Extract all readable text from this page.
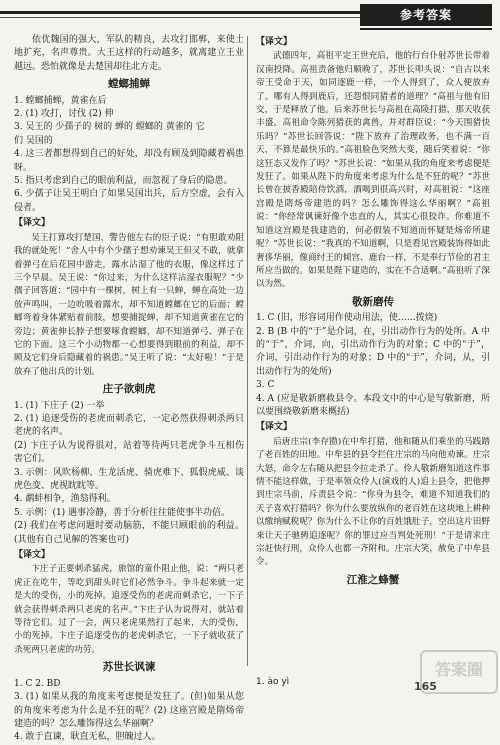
参考答案

依优魏国的强大，军队的精良，去攻打邯郸，来使土地扩充，名声尊贵。大王这样的行动越多，就离建立王业越远。恐怕就像是去楚国却往北方走。

螳螂捕蝉

1. 螳螂捕蝉，黄雀在后

2. (1) 攻打，讨伐 (2) 伸

3. 吴王的 少孺子的 树的 蝉的 螳螂的 黄雀的 它

们 吴国的

4. 这三者都想得到自己的好处，却没有顾及到隐藏着祸患呀。

5. 指只考虑到自己的眼前利益，而忽视了身后的隐患。

6. 少孺子让吴王明白了如果吴国出兵，后方空虚，会有入侵者。

【译文】

吴王打算攻打楚国，警告他左右的臣子说：“有胆敢劝阻我的就处死！”舍人中有个少孺子想劝谏吴王但又不敢，就拿着弹弓在后花园中游走，露水沾湿了他的衣服，像这样过了三个早晨。吴王说：“你过来，为什么这样沾湿衣服呢？”少孺子回答道：“园中有一棵树，树上有一只蝉，蝉在高处一边放声鸣叫，一边吮吸着露水，却不知道螳螂在它的后面；螳螂弯着身体紧贴着前肢，想要捕捉蝉，却不知道黄雀在它的旁边；黄雀伸长脖子想要啄食螳螂，却不知道弹弓、弹子在它的下面。这三个小动物都一心想要得到眼前的利益，却不顾及它们身后隐藏着的祸患。”吴王听了说：“太好啦！”于是放弃了他出兵的计划。

庄子欲刺虎

1. (1) 下庄子 (2) 一举

2. (1) 追逐受伤的老虎而刺杀它，一定必然获得刺杀两只老虎的名声。

(2) 卞庄子认为说得很对，站着等待两只老虎争斗互相伤害它们。

3. 示例：风吹杨柳、生龙活虎、骑虎难下、狐假虎威、谈虎色变、虎视眈眈等。

4. 鹬蚌相争，渔翁得利。

5. 示例：(1) 遇事冷静，善于分析往往能使事半功倍。

(2) 我们在考虑问题时要动脑筋，不能只顾眼前的利益。(其他有自己见解的答案也可)

【译文】

卞庄子正要刺杀猛虎，旅馆的童仆阻止他，说：“两只老虎正在吃牛，等吃到甜头时它们必然争斗。争斗起来就一定是大的受伤，小的死掉。追逐受伤的老虎而刺杀它，一下子就会获得刺杀两只老虎的名声。”卞庄子认为说得对，就站着等待它们。过了一会，两只老虎果然打了起来，大的受伤，小的死掉。卞庄子追逐受伤的老虎刺杀它，一下子就收获了杀死两只老虎的功劳。

苏世长讽谏

1. C 2. BD

3. (1) 如果从我的角度来考虑便是发狂了。(但)如果从您的角度来考虑为什么是不狂的呢？(2) 这座宫殿是隋炀帝建造的吗？怎么雕饰得这么华丽啊？

4. 敢于直谏，耿直无私，胆魄过人。

【译文】

武德四年，高祖平定王世充后，他的行台仆射苏世长带着汉南投降。高祖责备他归顺晚了，苏世长叩头说：“自古以来帝王受命于天，如同逐鹿一样，一个人得到了，众人便放弃了。哪有人得到鹿后，还怨恨同猎者的道理？”高祖与他有旧交，于是释放了他。后来苏世长与高祖在高陵打猎，那天收获丰盛，高祖命令陈列猎获的禽兽，并对群臣说：“今天围猎快乐吗？”苏世长回答说：“陛下放弃了治理政务，也不满一百天，不算是最快乐的。”高祖脸色突然大变，随后笑着说：“你这狂态又发作了吗？”苏世长说：“如果从我的角度来考虑便是发狂了。如果从陛下的角度来考虑为什么是不狂的呢？”苏世长曾在披香殿陪侍饮酒，酒喝到很高兴时，对高祖说：“这座宫殿是隋炀帝建造的吗？怎么雕饰得这么华丽啊？”高祖说：“你经常讽谏好像个忠直的人，其实心很狡诈。你难道不知道这宫殿是我建造的，何必假装不知道而怀疑是炀帝所建呢？”苏世长说：“我真的不知道啊，只是看见宫殿装饰得如此奢侈华丽，像商纣王的倾宫、鹿台一样，不是奉行节俭的君主所应当做的。如果是陛下建造的，实在不合适啊。”高祖听了深以为然。

敬新磨传

1. C (旧，形容词用作使动用法，使……拨烧)

2. B (B 中的“于”是介词，在，引出动作行为的处所。A 中的“于”，介词，向，引出动作行为的对象；C 中的“于”，介词，引出动作行为的对象；D 中的“于”，介词，从，引出动作行为的处所)

3. C

4. A (应是敬新磨救县令。本段文中的中心是写敬新磨，所以要围绕敬新磨来概括)

【译文】

后唐庄宗(李存勖)在中牟打猎，他和随从们乘坐的马践踏了老百姓的田地。中牟县的县令拦住庄宗的马向他劝谏。庄宗大怒，命令左右随从把县令拉走杀了。伶人敬新磨知道这件事情不能这样做，于是率领众伶人(演戏的人)追上县令，把他押到庄宗马前，斥责县令说：“你身为县令，难道不知道我们的天子喜欢打猎吗？你为什么要放纵你的老百姓在这块地上耕种以缴纳赋税呢？你为什么不让你的百姓饿肚子，空出这片田野来让天子驰骋追逐呢？你的罪过应当判处死刑！”于是请求庄宗赶快行刑，众伶人也都一齐附和。庄宗大笑，赦免了中牟县令。

江淮之蜂蟹
1. ào yì
答案圈
165
